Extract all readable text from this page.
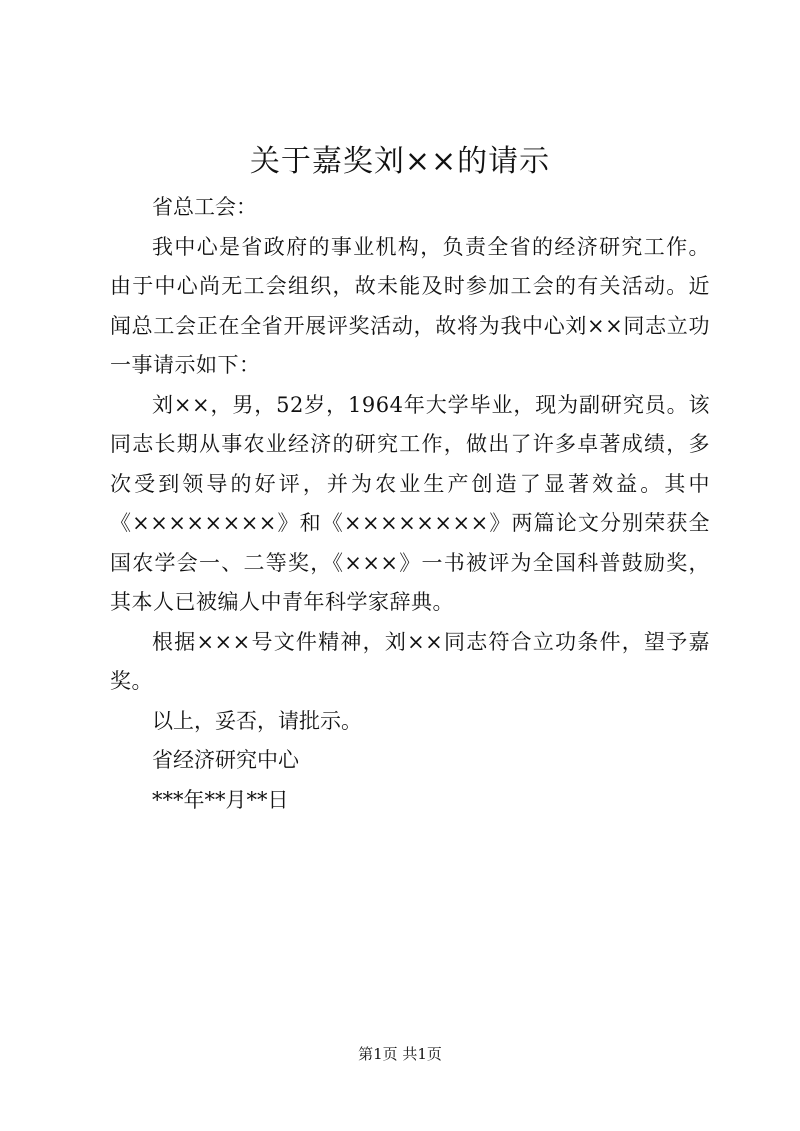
关于嘉奖刘××的请示

省总工会：

我中心是省政府的事业机构，负责全省的经济研究工作。由于中心尚无工会组织，故未能及时参加工会的有关活动。近闻总工会正在全省开展评奖活动，故将为我中心刘××同志立功一事请示如下：

刘××，男，52岁，1964年大学毕业，现为副研究员。该同志长期从事农业经济的研究工作，做出了许多卓著成绩，多次受到领导的好评，并为农业生产创造了显著效益。其中《××××××××》和《××××××××》两篇论文分别荣获全国农学会一、二等奖，《×××》一书被评为全国科普鼓励奖，其本人已被编人中青年科学家辞典。

根据×××号文件精神，刘××同志符合立功条件，望予嘉奖。

以上，妥否，请批示。

省经济研究中心

***年**月**日

第1页 共1页
